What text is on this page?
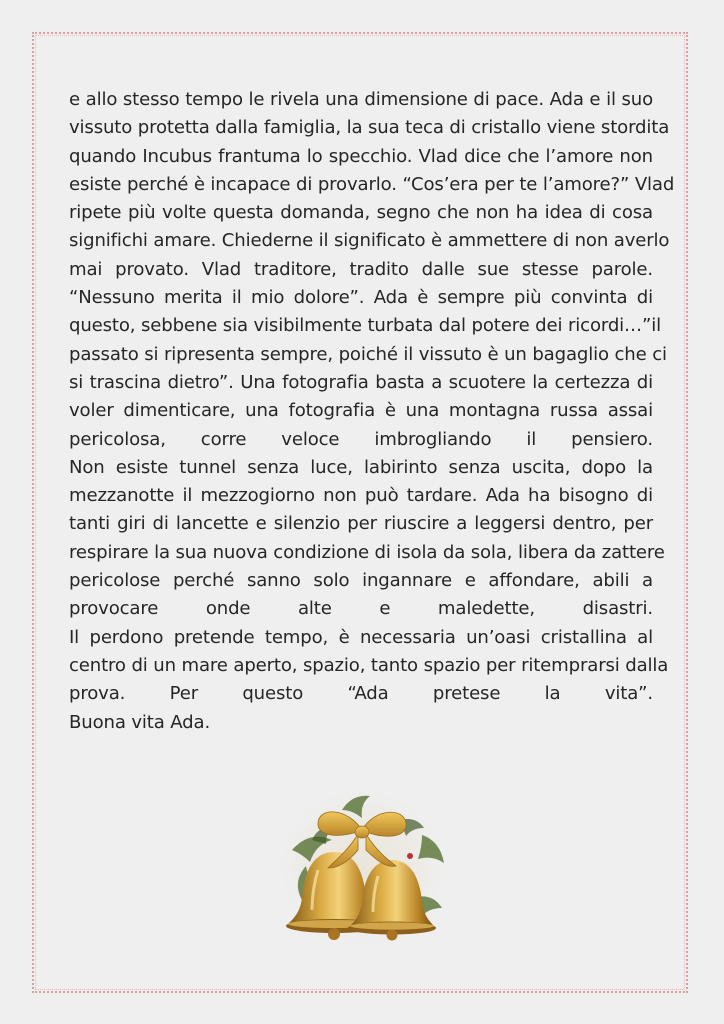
e allo stesso tempo le rivela una dimensione di pace. Ada e il suo
vissuto protetta dalla famiglia, la sua teca di cristallo viene stordita
quando Incubus frantuma lo specchio. Vlad dice che l’amore non
esiste perché è incapace di provarlo. “Cos’era per te l’amore?” Vlad
ripete più volte questa domanda, segno che non ha idea di cosa
significhi amare. Chiederne il significato è ammettere di non averlo
mai provato. Vlad traditore, tradito dalle sue stesse parole.
“Nessuno merita il mio dolore”. Ada è sempre più convinta di
questo, sebbene sia visibilmente turbata dal potere dei ricordi…”il
passato si ripresenta sempre, poiché il vissuto è un bagaglio che ci
si trascina dietro”. Una fotografia basta a scuotere la certezza di
voler dimenticare, una fotografia è una montagna russa assai
pericolosa, corre veloce imbrogliando il pensiero.
Non esiste tunnel senza luce, labirinto senza uscita, dopo la
mezzanotte il mezzogiorno non può tardare. Ada ha bisogno di
tanti giri di lancette e silenzio per riuscire a leggersi dentro, per
respirare la sua nuova condizione di isola da sola, libera da zattere
pericolose perché sanno solo ingannare e affondare, abili a
provocare onde alte e maledette, disastri.
Il perdono pretende tempo, è necessaria un’oasi cristallina al
centro di un mare aperto, spazio, tanto spazio per ritemprarsi dalla
prova. Per questo “Ada pretese la vita”.
Buona vita Ada.
